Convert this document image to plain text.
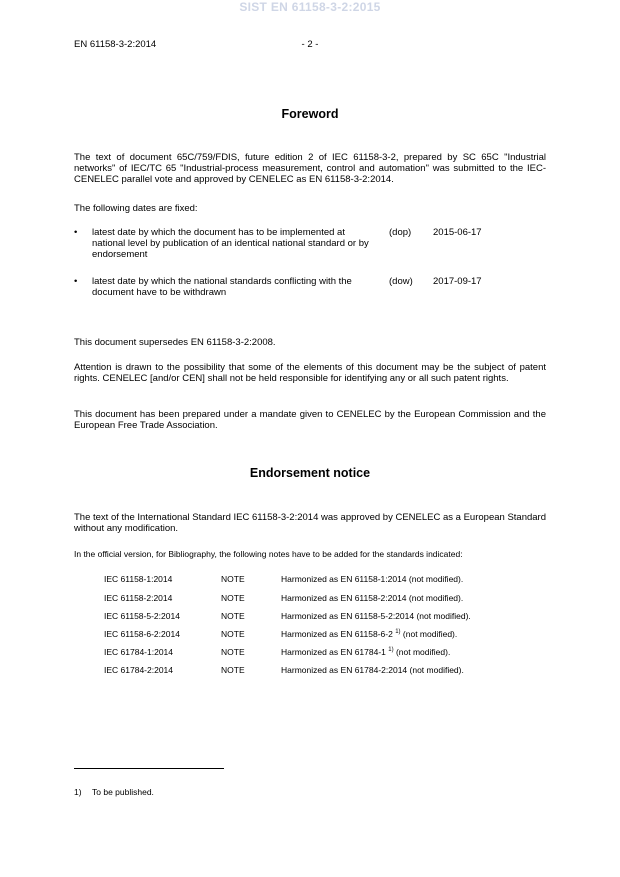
SIST EN 61158-3-2:2015
EN 61158-3-2:2014	- 2 -
Foreword
The text of document 65C/759/FDIS, future edition 2 of IEC 61158-3-2, prepared by SC 65C "Industrial networks" of IEC/TC 65 "Industrial-process measurement, control and automation" was submitted to the IEC-CENELEC parallel vote and approved by CENELEC as EN 61158-3-2:2014.
The following dates are fixed:
• latest date by which the document has to be implemented at national level by publication of an identical national standard or by endorsement
(dop) 2015-06-17
• latest date by which the national standards conflicting with the document have to be withdrawn
(dow) 2017-09-17
This document supersedes EN 61158-3-2:2008.
Attention is drawn to the possibility that some of the elements of this document may be the subject of patent rights. CENELEC [and/or CEN] shall not be held responsible for identifying any or all such patent rights.
This document has been prepared under a mandate given to CENELEC by the European Commission and the European Free Trade Association.
Endorsement notice
The text of the International Standard IEC 61158-3-2:2014 was approved by CENELEC as a European Standard without any modification.
In the official version, for Bibliography, the following notes have to be added for the standards indicated:
IEC 61158-1:2014	NOTE	Harmonized as EN 61158-1:2014 (not modified).
IEC 61158-2:2014	NOTE	Harmonized as EN 61158-2:2014 (not modified).
IEC 61158-5-2:2014	NOTE	Harmonized as EN 61158-5-2:2014 (not modified).
IEC 61158-6-2:2014	NOTE	Harmonized as EN 61158-6-2 $^{1)}$ (not modified).
IEC 61784-1:2014	NOTE	Harmonized as EN 61784-1 $^{1)}$ (not modified).
IEC 61784-2:2014	NOTE	Harmonized as EN 61784-2:2014 (not modified).
1) To be published.
